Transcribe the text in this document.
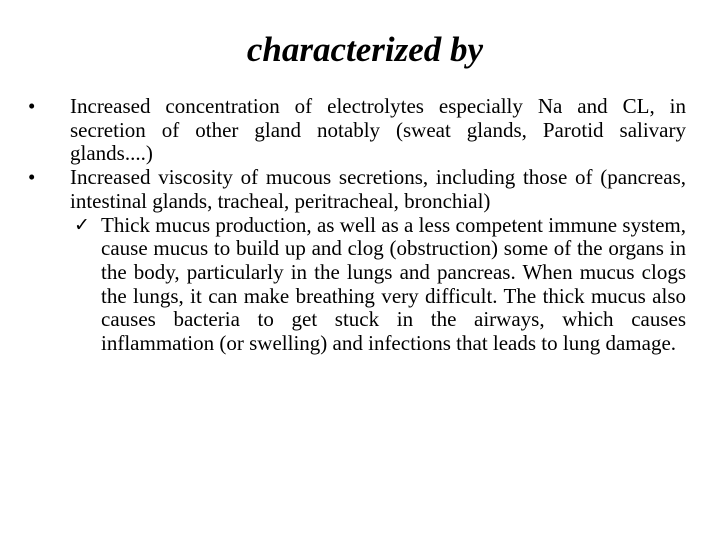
characterized by
•	Increased concentration of electrolytes especially Na and CL, in secretion of other gland notably (sweat glands, Parotid salivary glands....)
•	Increased viscosity of mucous secretions, including those of (pancreas, intestinal glands, tracheal, peritracheal, bronchial)
✓ Thick mucus production, as well as a less competent immune system, cause mucus to build up and clog (obstruction) some of the organs in the body, particularly in the lungs and pancreas. When mucus clogs the lungs, it can make breathing very difficult. The thick mucus also causes bacteria to get stuck in the airways, which causes inflammation (or swelling) and infections that leads to lung damage.
